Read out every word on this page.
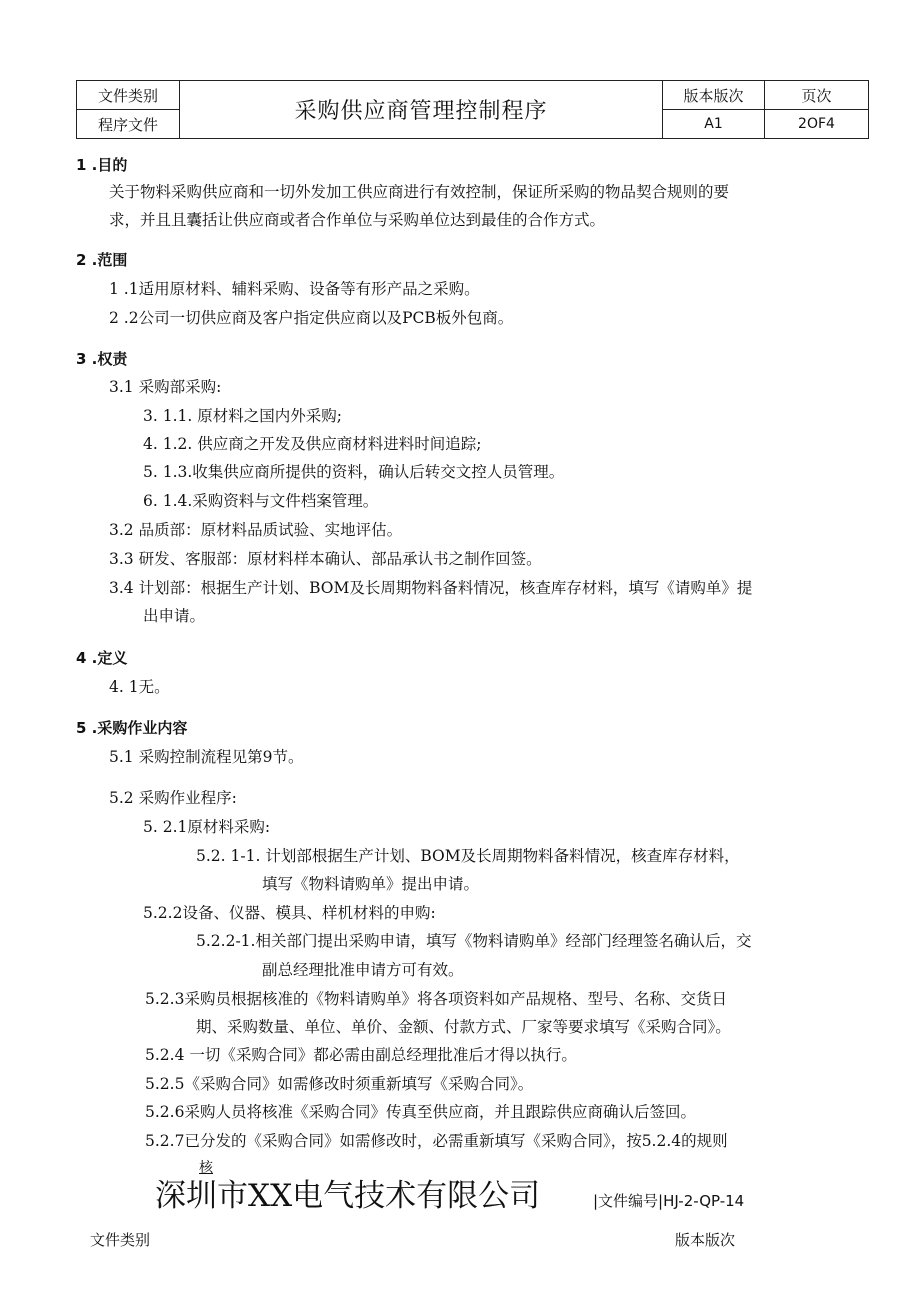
文件类别	采购供应商管理控制程序	版本版次	页次
程序文件		A1	2OF4
1 .目的
关于物料采购供应商和一切外发加工供应商进行有效控制，保证所采购的物品契合规则的要
求，并且且囊括让供应商或者合作单位与采购单位达到最佳的合作方式。
2 .范围
1 .1适用原材料、辅料采购、设备等有形产品之采购。
2 .2公司一切供应商及客户指定供应商以及PCB板外包商。
3 .权责
3.1 采购部采购:
3. 1.1. 原材料之国内外采购;
4. 1.2. 供应商之开发及供应商材料进料时间追踪;
5. 1.3.收集供应商所提供的资料，确认后转交文控人员管理。
6. 1.4.采购资料与文件档案管理。
3.2 品质部：原材料品质试验、实地评估。
3.3 研发、客服部：原材料样本确认、部品承认书之制作回签。
3.4 计划部：根据生产计划、BOM及长周期物料备料情况，核查库存材料，填写《请购单》提
出申请。
4 .定义
4. 1无。
5 .采购作业内容
5.1 采购控制流程见第9节。
5.2 采购作业程序:
5. 2.1原材料采购:
5.2. 1-1. 计划部根据生产计划、BOM及长周期物料备料情况，核查库存材料，
填写《物料请购单》提出申请。
5.2.2设备、仪器、模具、样机材料的申购:
5.2.2-1.相关部门提出采购申请，填写《物料请购单》经部门经理签名确认后，交
副总经理批准申请方可有效。
5.2.3采购员根据核准的《物料请购单》将各项资料如产品规格、型号、名称、交货日
期、采购数量、单位、单价、金额、付款方式、厂家等要求填写《采购合同》。
5.2.4 一切《采购合同》都必需由副总经理批准后才得以执行。
5.2.5《采购合同》如需修改时须重新填写《采购合同》。
5.2.6采购人员将核准《采购合同》传真至供应商，并且跟踪供应商确认后签回。
5.2.7已分发的《采购合同》如需修改时，必需重新填写《采购合同》，按5.2.4的规则
核
深圳市XX电气技术有限公司	|文件编号|HJ-2-QP-14
文件类别	版本版次
